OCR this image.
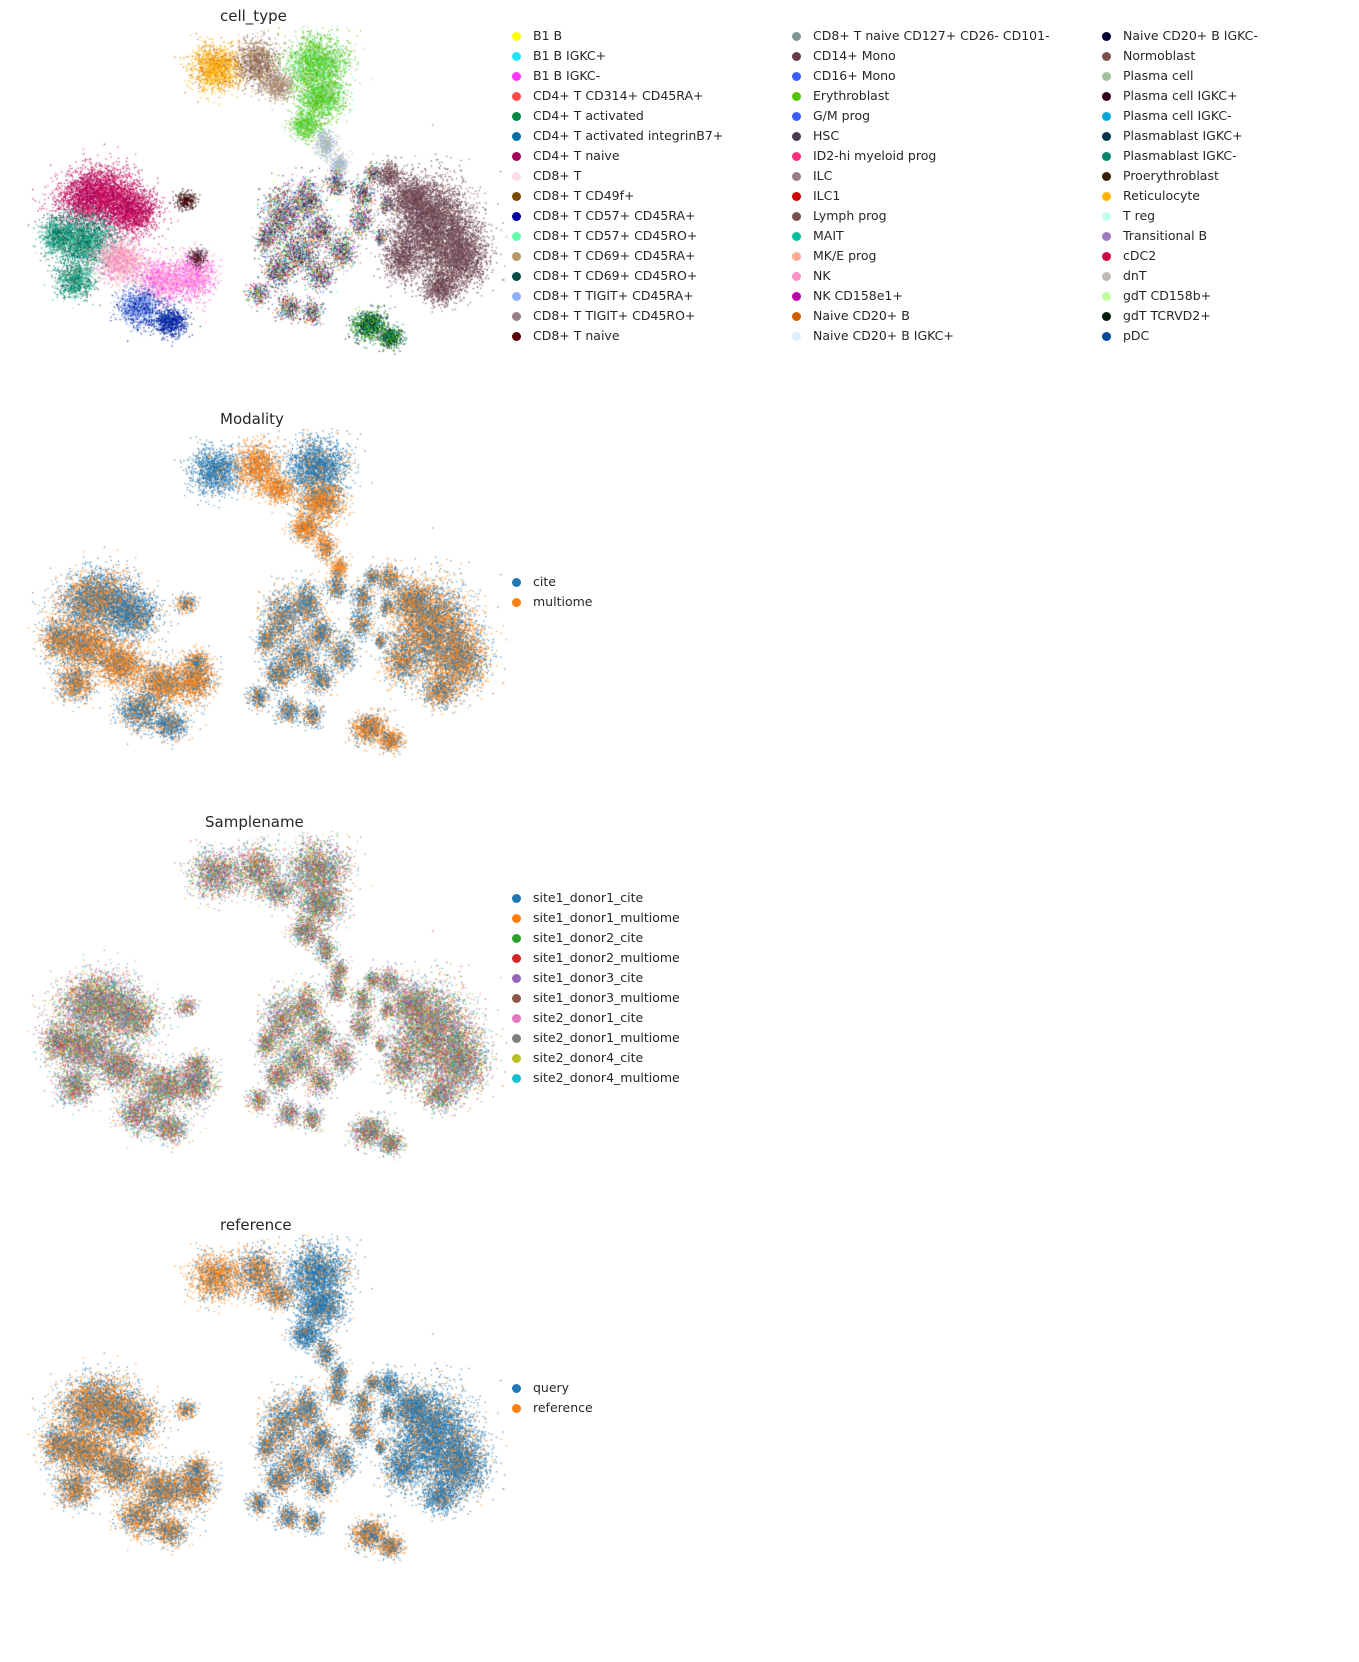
cell_type
B1 B
B1 B IGKC+
B1 B IGKC-
CD4+ T CD314+ CD45RA+
CD4+ T activated
CD4+ T activated integrinB7+
CD4+ T naive
CD8+ T
CD8+ T CD49f+
CD8+ T CD57+ CD45RA+
CD8+ T CD57+ CD45RO+
CD8+ T CD69+ CD45RA+
CD8+ T CD69+ CD45RO+
CD8+ T TIGIT+ CD45RA+
CD8+ T TIGIT+ CD45RO+
CD8+ T naive
CD8+ T naive CD127+ CD26- CD101-
CD14+ Mono
CD16+ Mono
Erythroblast
G/M prog
HSC
ID2-hi myeloid prog
ILC
ILC1
Lymph prog
MAIT
MK/E prog
NK
NK CD158e1+
Naive CD20+ B
Naive CD20+ B IGKC+
Naive CD20+ B IGKC-
Normoblast
Plasma cell
Plasma cell IGKC+
Plasma cell IGKC-
Plasmablast IGKC+
Plasmablast IGKC-
Proerythroblast
Reticulocyte
T reg
Transitional B
cDC2
dnT
gdT CD158b+
gdT TCRVD2+
pDC
Modality
cite
multiome
Samplename
site1_donor1_cite
site1_donor1_multiome
site1_donor2_cite
site1_donor2_multiome
site1_donor3_cite
site1_donor3_multiome
site2_donor1_cite
site2_donor1_multiome
site2_donor4_cite
site2_donor4_multiome
reference
query
reference
